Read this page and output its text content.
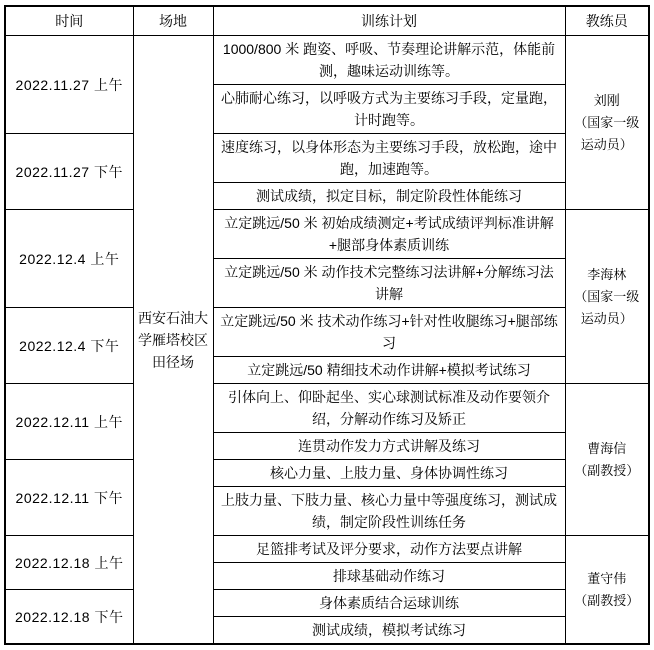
时间	场地	训练计划	教练员
2022.11.27 上午	西安石油大学雁塔校区田径场	1000/800 米 跑姿、呼吸、节奏理论讲解示范，体能前测，趣味运动训练等。	刘刚
（国家一级运动员）

		心肺耐心练习，以呼吸方式为主要练习手段，定量跑，计时跑等。	
2022.11.27 下午		速度练习，以身体形态为主要练习手段，放松跑，途中跑，加速跑等。	
		测试成绩，拟定目标，制定阶段性体能练习	
2022.12.4 上午		立定跳远/50 米 初始成绩测定+考试成绩评判标准讲解+腿部身体素质训练	李海林
（国家一级运动员）

		立定跳远/50 米 动作技术完整练习法讲解+分解练习法讲解	
2022.12.4 下午		立定跳远/50 米 技术动作练习+针对性收腿练习+腿部练习	
		立定跳远/50 精细技术动作讲解+模拟考试练习	
2022.12.11 上午		引体向上、仰卧起坐、实心球测试标准及动作要领介绍，分解动作练习及矫正	曹海信
（副教授）

		连贯动作发力方式讲解及练习	
2022.12.11 下午		核心力量、上肢力量、身体协调性练习	
		上肢力量、下肢力量、核心力量中等强度练习，测试成绩，制定阶段性训练任务	
2022.12.18 上午		足篮排考试及评分要求，动作方法要点讲解	董守伟
（副教授）

		排球基础动作练习	
2022.12.18 下午		身体素质结合运球训练	
		测试成绩，模拟考试练习	
